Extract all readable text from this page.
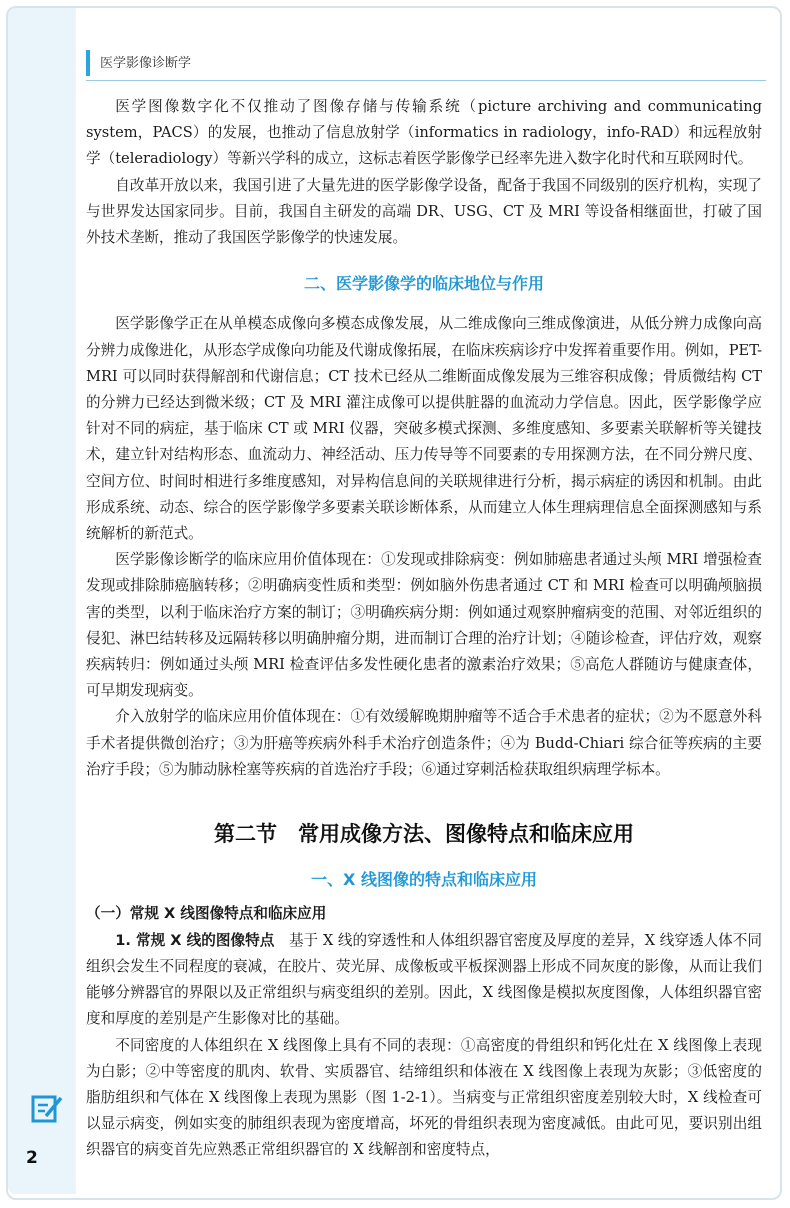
医学影像诊断学

医学图像数字化不仅推动了图像存储与传输系统（picture archiving and communicating system，PACS）的发展，也推动了信息放射学（informatics in radiology，info-RAD）和远程放射学（teleradiology）等新兴学科的成立，这标志着医学影像学已经率先进入数字化时代和互联网时代。

自改革开放以来，我国引进了大量先进的医学影像学设备，配备于我国不同级别的医疗机构，实现了与世界发达国家同步。目前，我国自主研发的高端 DR、USG、CT 及 MRI 等设备相继面世，打破了国外技术垄断，推动了我国医学影像学的快速发展。

二、医学影像学的临床地位与作用

医学影像学正在从单模态成像向多模态成像发展，从二维成像向三维成像演进，从低分辨力成像向高分辨力成像进化，从形态学成像向功能及代谢成像拓展，在临床疾病诊疗中发挥着重要作用。例如，PET-MRI 可以同时获得解剖和代谢信息；CT 技术已经从二维断面成像发展为三维容积成像；骨质微结构 CT 的分辨力已经达到微米级；CT 及 MRI 灌注成像可以提供脏器的血流动力学信息。因此，医学影像学应针对不同的病症，基于临床 CT 或 MRI 仪器，突破多模式探测、多维度感知、多要素关联解析等关键技术，建立针对结构形态、血流动力、神经活动、压力传导等不同要素的专用探测方法，在不同分辨尺度、空间方位、时间时相进行多维度感知，对异构信息间的关联规律进行分析，揭示病症的诱因和机制。由此形成系统、动态、综合的医学影像学多要素关联诊断体系，从而建立人体生理病理信息全面探测感知与系统解析的新范式。

医学影像诊断学的临床应用价值体现在：①发现或排除病变：例如肺癌患者通过头颅 MRI 增强检查发现或排除肺癌脑转移；②明确病变性质和类型：例如脑外伤患者通过 CT 和 MRI 检查可以明确颅脑损害的类型，以利于临床治疗方案的制订；③明确疾病分期：例如通过观察肿瘤病变的范围、对邻近组织的侵犯、淋巴结转移及远隔转移以明确肿瘤分期，进而制订合理的治疗计划；④随诊检查，评估疗效，观察疾病转归：例如通过头颅 MRI 检查评估多发性硬化患者的激素治疗效果；⑤高危人群随访与健康查体，可早期发现病变。

介入放射学的临床应用价值体现在：①有效缓解晚期肿瘤等不适合手术患者的症状；②为不愿意外科手术者提供微创治疗；③为肝癌等疾病外科手术治疗创造条件；④为 Budd-Chiari 综合征等疾病的主要治疗手段；⑤为肺动脉栓塞等疾病的首选治疗手段；⑥通过穿刺活检获取组织病理学标本。

第二节　常用成像方法、图像特点和临床应用
一、X 线图像的特点和临床应用

（一）常规 X 线图像特点和临床应用

1. 常规 X 线的图像特点　基于 X 线的穿透性和人体组织器官密度及厚度的差异，X 线穿透人体不同组织会发生不同程度的衰减，在胶片、荧光屏、成像板或平板探测器上形成不同灰度的影像，从而让我们能够分辨器官的界限以及正常组织与病变组织的差别。因此，X 线图像是模拟灰度图像，人体组织器官密度和厚度的差别是产生影像对比的基础。

不同密度的人体组织在 X 线图像上具有不同的表现：①高密度的骨组织和钙化灶在 X 线图像上表现为白影；②中等密度的肌肉、软骨、实质器官、结缔组织和体液在 X 线图像上表现为灰影；③低密度的脂肪组织和气体在 X 线图像上表现为黑影（图 1-2-1）。当病变与正常组织密度差别较大时，X 线检查可以显示病变，例如实变的肺组织表现为密度增高，坏死的骨组织表现为密度减低。由此可见，要识别出组织器官的病变首先应熟悉正常组织器官的 X 线解剖和密度特点，

2
